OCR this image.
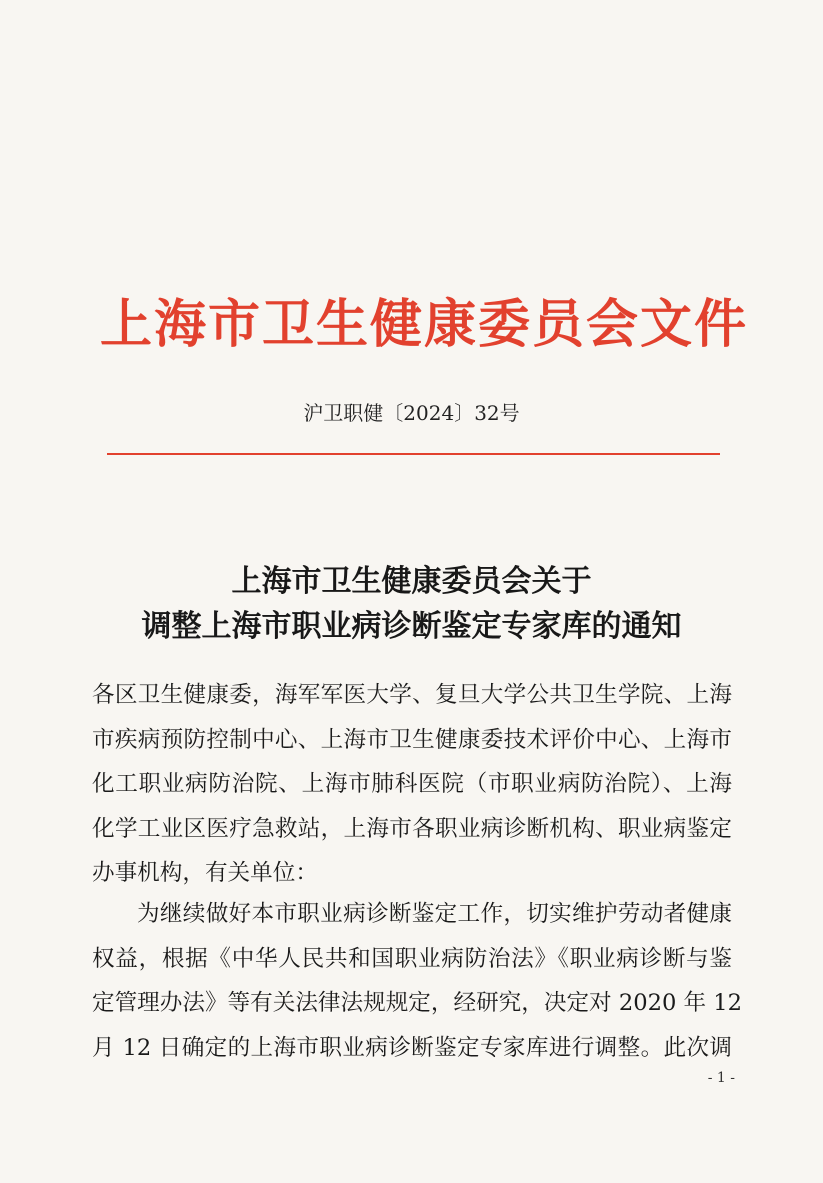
上海市卫生健康委员会文件
沪卫职健〔2024〕32号
上海市卫生健康委员会关于
调整上海市职业病诊断鉴定专家库的通知
各区卫生健康委，海军军医大学、复旦大学公共卫生学院、上海
市疾病预防控制中心、上海市卫生健康委技术评价中心、上海市
化工职业病防治院、上海市肺科医院（市职业病防治院）、上海
化学工业区医疗急救站，上海市各职业病诊断机构、职业病鉴定
办事机构，有关单位：
为继续做好本市职业病诊断鉴定工作，切实维护劳动者健康
权益，根据《中华人民共和国职业病防治法》《职业病诊断与鉴
定管理办法》等有关法律法规规定，经研究，决定对 2020 年 12
月 12 日确定的上海市职业病诊断鉴定专家库进行调整。此次调
- 1 -
